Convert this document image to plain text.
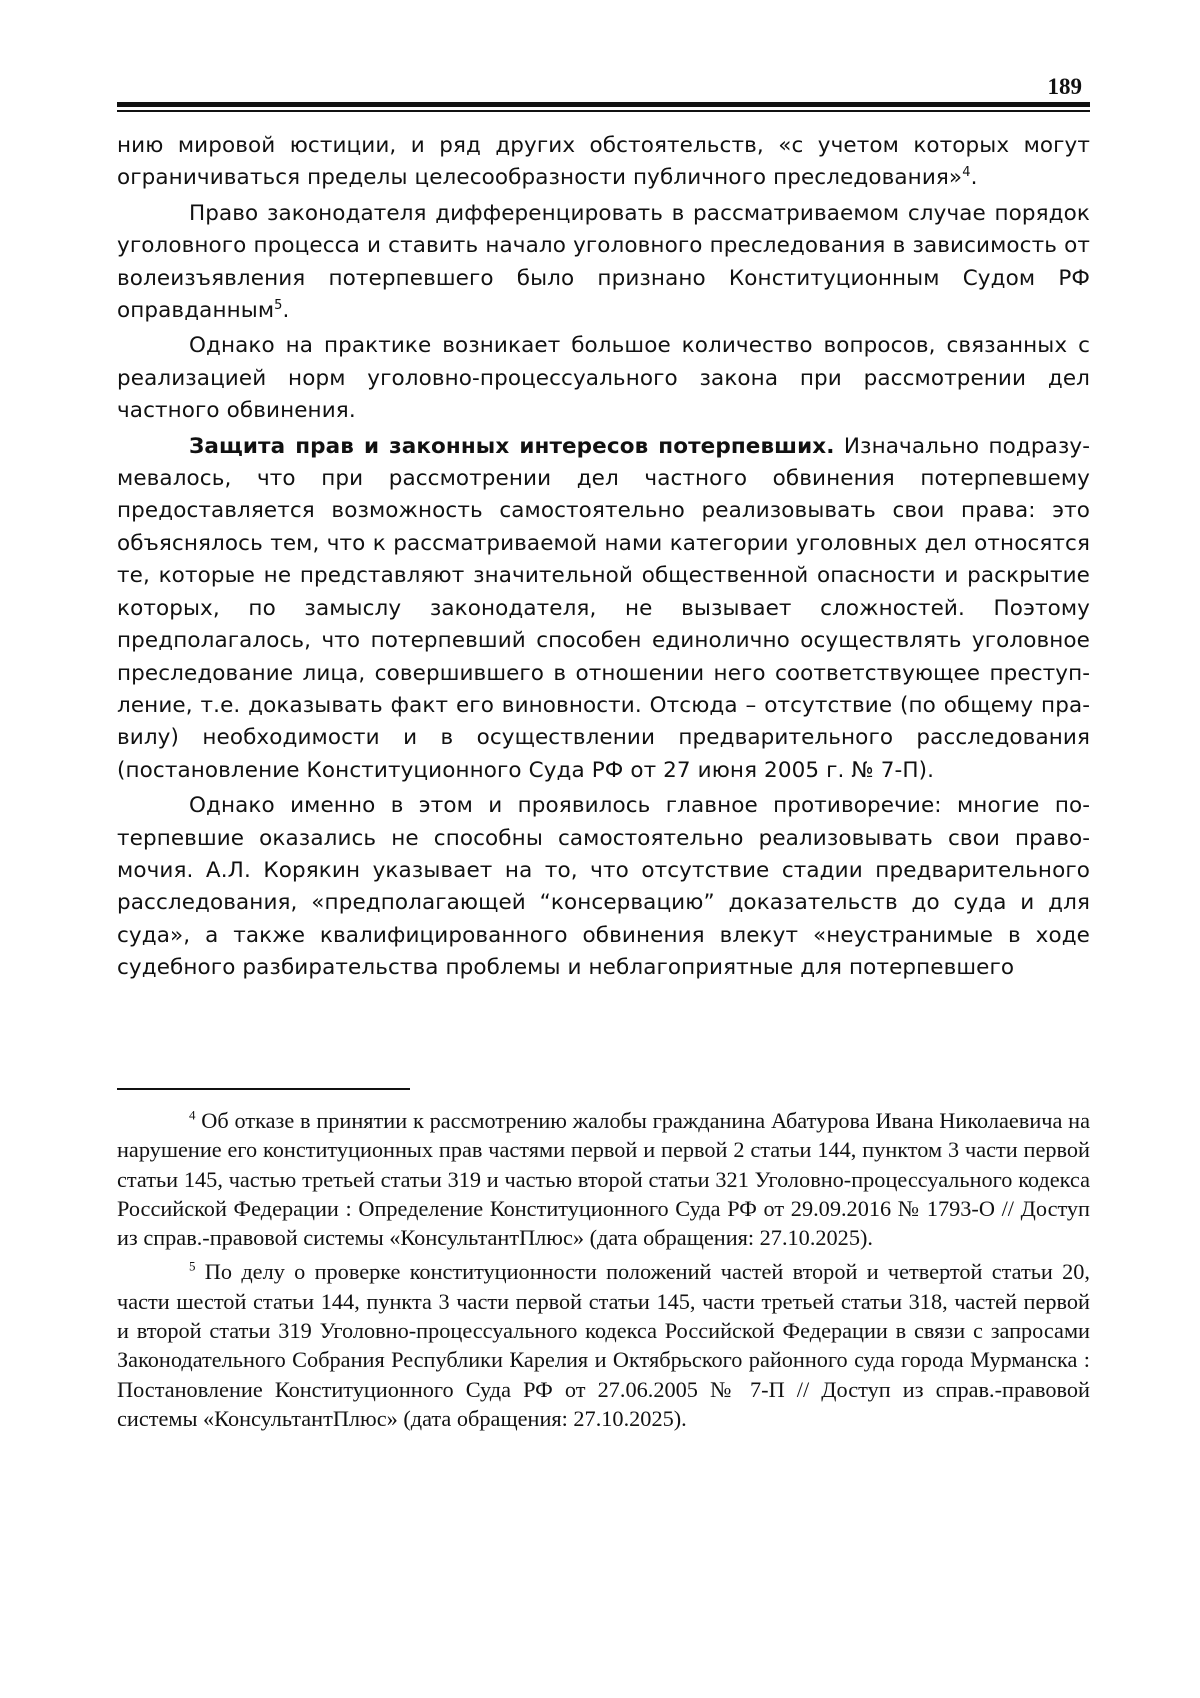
189

нию мировой юстиции, и ряд других обстоятельств, «с учетом которых могут ограничиваться пределы целесообразности публичного преследования»$^4$.

Право законодателя дифференцировать в рассматриваемом случае порядок уголовного процесса и ставить начало уголовного преследования в зависимость от волеизъявления потерпевшего было признано Конституционным Судом РФ оправданным$^5$.

Однако на практике возникает большое количество вопросов, связанных с реализацией норм уголовно-процессуального закона при рассмотрении дел частного обвинения.

Защита прав и законных интересов потерпевших. Изначально подразумевалось, что при рассмотрении дел частного обвинения потерпевшему предоставляется возможность самостоятельно реализовывать свои права: это объяснялось тем, что к рассматриваемой нами категории уголовных дел относятся те, которые не представляют значительной общественной опасности и раскрытие которых, по замыслу законодателя, не вызывает сложностей. Поэтому предполагалось, что потерпевший способен единолично осуществлять уголовное преследование лица, совершившего в отношении него соответствующее преступление, т.е. доказывать факт его виновности. Отсюда – отсутствие (по общему правилу) необходимости и в осуществлении предварительного расследования (постановление Конституционного Суда РФ от 27 июня 2005 г. № 7-П).

Однако именно в этом и проявилось главное противоречие: многие потерпевшие оказались не способны самостоятельно реализовывать свои правомочия. А.Л. Корякин указывает на то, что отсутствие стадии предварительного расследования, «предполагающей “консервацию” доказательств до суда и для суда», а также квалифицированного обвинения влекут «неустранимые в ходе судебного разбирательства проблемы и неблагоприятные для потерпевшего

$^4$ Об отказе в принятии к рассмотрению жалобы гражданина Абатурова Ивана Николаевича на нарушение его конституционных прав частями первой и первой 2 статьи 144, пунктом 3 части первой статьи 145, частью третьей статьи 319 и частью второй статьи 321 Уголовно-процессуального кодекса Российской Федерации : Определение Конституционного Суда РФ от 29.09.2016 № 1793-О // Доступ из справ.-правовой системы «КонсультантПлюс» (дата обращения: 27.10.2025).

$^5$ По делу о проверке конституционности положений частей второй и четвертой статьи 20, части шестой статьи 144, пункта 3 части первой статьи 145, части третьей статьи 318, частей первой и второй статьи 319 Уголовно-процессуального кодекса Российской Федерации в связи с запросами Законодательного Собрания Республики Карелия и Октябрьского районного суда города Мурманска : Постановление Конституционного Суда РФ от 27.06.2005 № 7-П // Доступ из справ.-правовой системы «КонсультантПлюс» (дата обращения: 27.10.2025).
